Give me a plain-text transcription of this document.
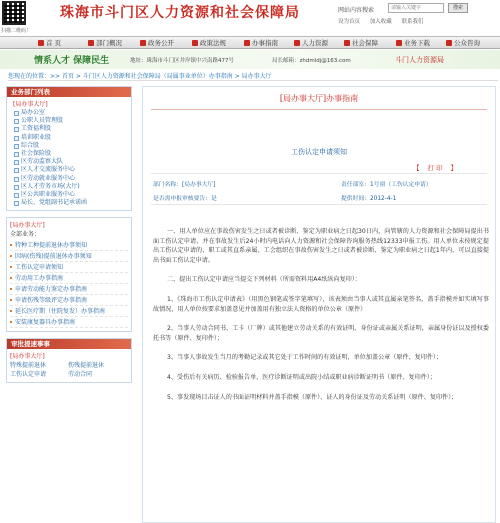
扫描二维码！
珠海市斗门区人力资源和社会保障局	网站内容搜索
请输入关键字	搜索
设为首页 加入收藏 联系我们
首 页	部门概况	政务公开	政策法规	办事指南	人力资源	社会保障	业务下载	公众咨询
情系人才 保障民生	地址：珠海市斗门区井岸镇中兴南路477号	局长邮箱：zhdmldj@163.com	斗门人力资源局
您现在的位置：>> 首页 > 斗门区人力资源和社会保障局（局属事业单位）办事指南 > 局办事大厅
业务部门列表
[局办事大厅]
局办公室
公职人员管理股
工资福利股
培训职业股
综合股
社会保险股
区劳动监察大队
区人才交流服务中心
区劳动就业服务中心
区人才劳务市场(大厅)
区公共职业服务中心
局长、党组副书记承诺函
[局办事大厅]
全部业务：
特种工种提前退休办事须知
因病(伤残)提前退休办事须知
工伤认定申请须知
劳动用工办事指南
申请劳动能力鉴定办事指南
申请伤残等级评定办事指南
延长医疗期（住院复发）办事指南
安装康复器具办事指南
审批提速事事
[局办事大厅]
特殊提前退休	伤残提前退休
工伤认定申请	劳动合同
[局办事大厅]办事指南
工伤认定申请须知
【 打 印 】
部门名称：[局办事大厅]	责任部室：1号窗（工伤认定申请）
是否需申报审核要告：是	提供时间：2012-4-1

一、用人单位应在事故伤害发生之日或者被诊断、鉴定为职业病之日起30日内，向管辖的人力资源和社会保障局提出书面工伤认定申请，并在事故发生后24小时内电话向人力资源和社会保障咨询服务热线12333申报工伤。用人单位未按规定提出工伤认定申请的，职工或其直系亲属、工会组织在事故伤害发生之日或者被诊断、鉴定为职业病之日起1年内，可以直接提出书面工伤认定申请。

二、提出工伤认定申请应当提交下列材料（所需资料用A4纸纵向复印）：

1、《珠海市工伤认定申请表》（用黑色钢笔或签字笔填写），该表须由当事人或其直属亲笔签名，盖手指模并如实填写事故情况，用人单位按要求加盖意见并加盖用有独立法人资格的单位公章（原件）

2、当事人劳动合同书、工卡（厂牌）或其他建立劳动关系的有效证明、身份证或亲属关系证明，亲属身份证以及授权委托书等（原件、复印件）；

3、当事人事故发生当月的考勤记录或其它处于工作时间的有效证明，单位加盖公章（原件、复印件）；

4、受伤后有关病历、检验报告单、医疗诊断证明或出院小结或职业病诊断证明书（原件、复印件）；

5、事发现场目击证人的书面证明材料并盖手指模（原件），证人的身份证及劳动关系证明（原件、复印件）；
